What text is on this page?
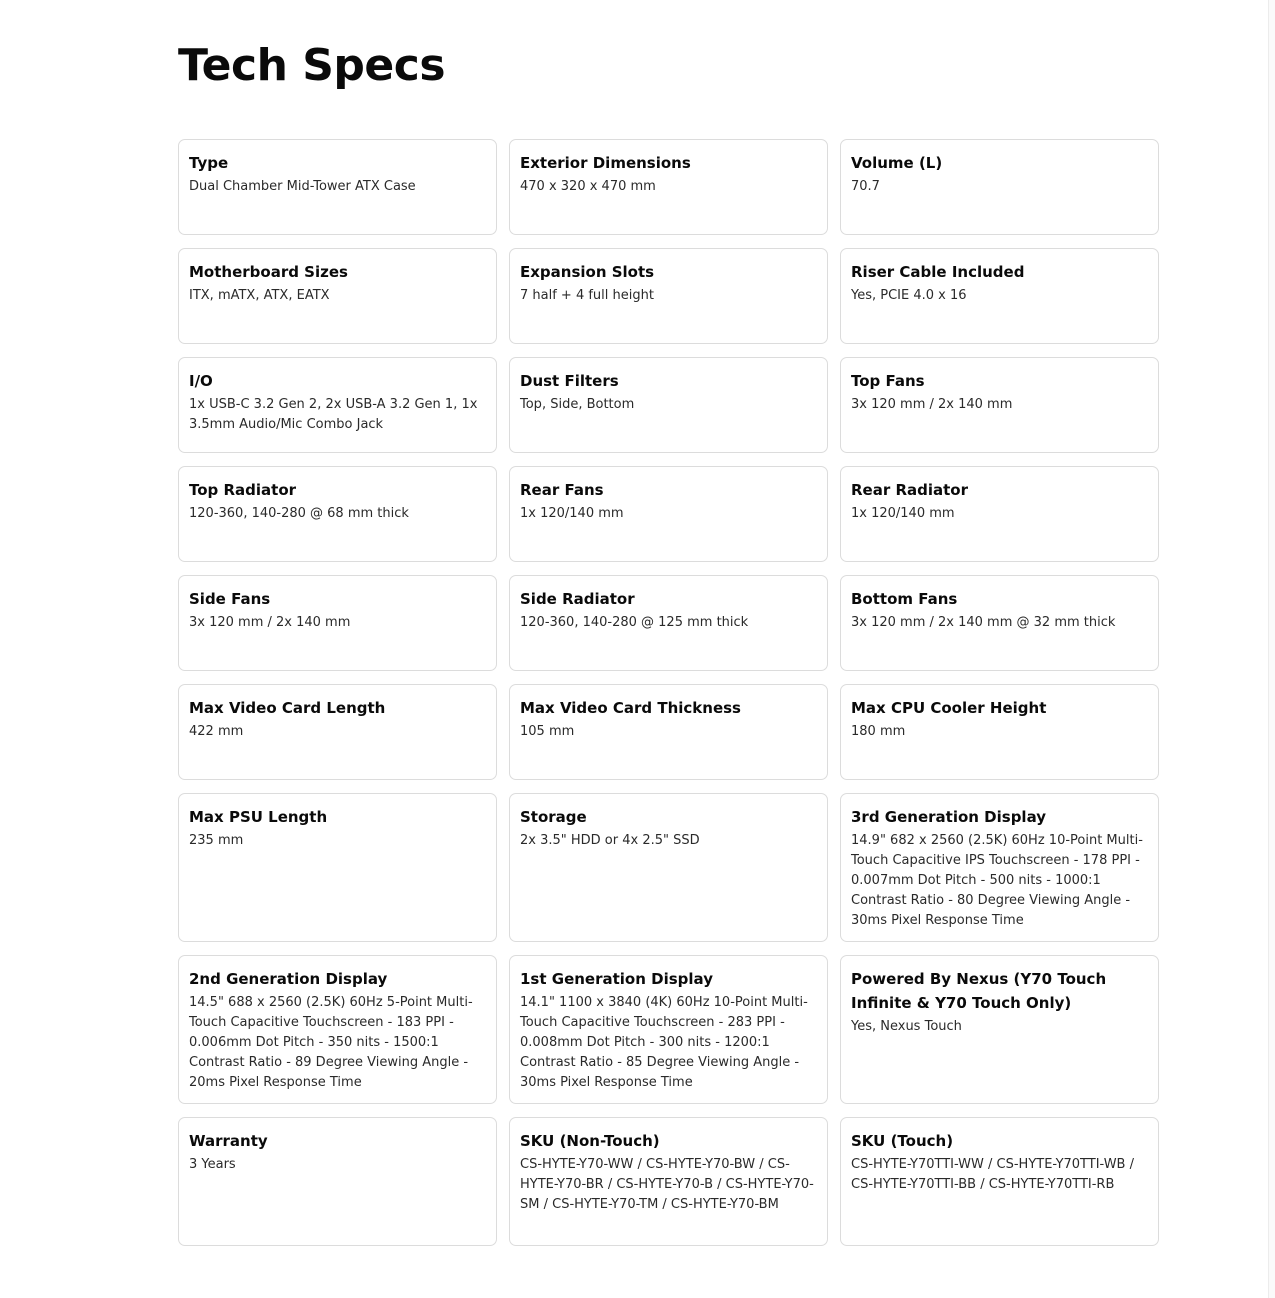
Tech Specs
Type
Dual Chamber Mid-Tower ATX Case
Exterior Dimensions
470 x 320 x 470 mm
Volume (L)
70.7
Motherboard Sizes
ITX, mATX, ATX, EATX
Expansion Slots
7 half + 4 full height
Riser Cable Included
Yes, PCIE 4.0 x 16
I/O
1x USB-C 3.2 Gen 2, 2x USB-A 3.2 Gen 1, 1x 3.5mm Audio/Mic Combo Jack
Dust Filters
Top, Side, Bottom
Top Fans
3x 120 mm / 2x 140 mm
Top Radiator
120-360, 140-280 @ 68 mm thick
Rear Fans
1x 120/140 mm
Rear Radiator
1x 120/140 mm
Side Fans
3x 120 mm / 2x 140 mm
Side Radiator
120-360, 140-280 @ 125 mm thick
Bottom Fans
3x 120 mm / 2x 140 mm @ 32 mm thick
Max Video Card Length
422 mm
Max Video Card Thickness
105 mm
Max CPU Cooler Height
180 mm
Max PSU Length
235 mm
Storage
2x 3.5" HDD or 4x 2.5" SSD
3rd Generation Display
14.9" 682 x 2560 (2.5K) 60Hz 10-Point Multi-Touch Capacitive IPS Touchscreen - 178 PPI - 0.007mm Dot Pitch - 500 nits - 1000:1 Contrast Ratio - 80 Degree Viewing Angle - 30ms Pixel Response Time
2nd Generation Display
14.5" 688 x 2560 (2.5K) 60Hz 5-Point Multi-Touch Capacitive Touchscreen - 183 PPI - 0.006mm Dot Pitch - 350 nits - 1500:1 Contrast Ratio - 89 Degree Viewing Angle - 20ms Pixel Response Time
1st Generation Display
14.1" 1100 x 3840 (4K) 60Hz 10-Point Multi-Touch Capacitive Touchscreen - 283 PPI - 0.008mm Dot Pitch - 300 nits - 1200:1 Contrast Ratio - 85 Degree Viewing Angle - 30ms Pixel Response Time
Powered By Nexus (Y70 Touch Infinite & Y70 Touch Only)
Yes, Nexus Touch
Warranty
3 Years
SKU (Non-Touch)
CS-HYTE-Y70-WW / CS-HYTE-Y70-BW / CS-HYTE-Y70-BR / CS-HYTE-Y70-B / CS-HYTE-Y70-SM / CS-HYTE-Y70-TM / CS-HYTE-Y70-BM
SKU (Touch)
CS-HYTE-Y70TTI-WW / CS-HYTE-Y70TTI-WB / CS-HYTE-Y70TTI-BB / CS-HYTE-Y70TTI-RB
